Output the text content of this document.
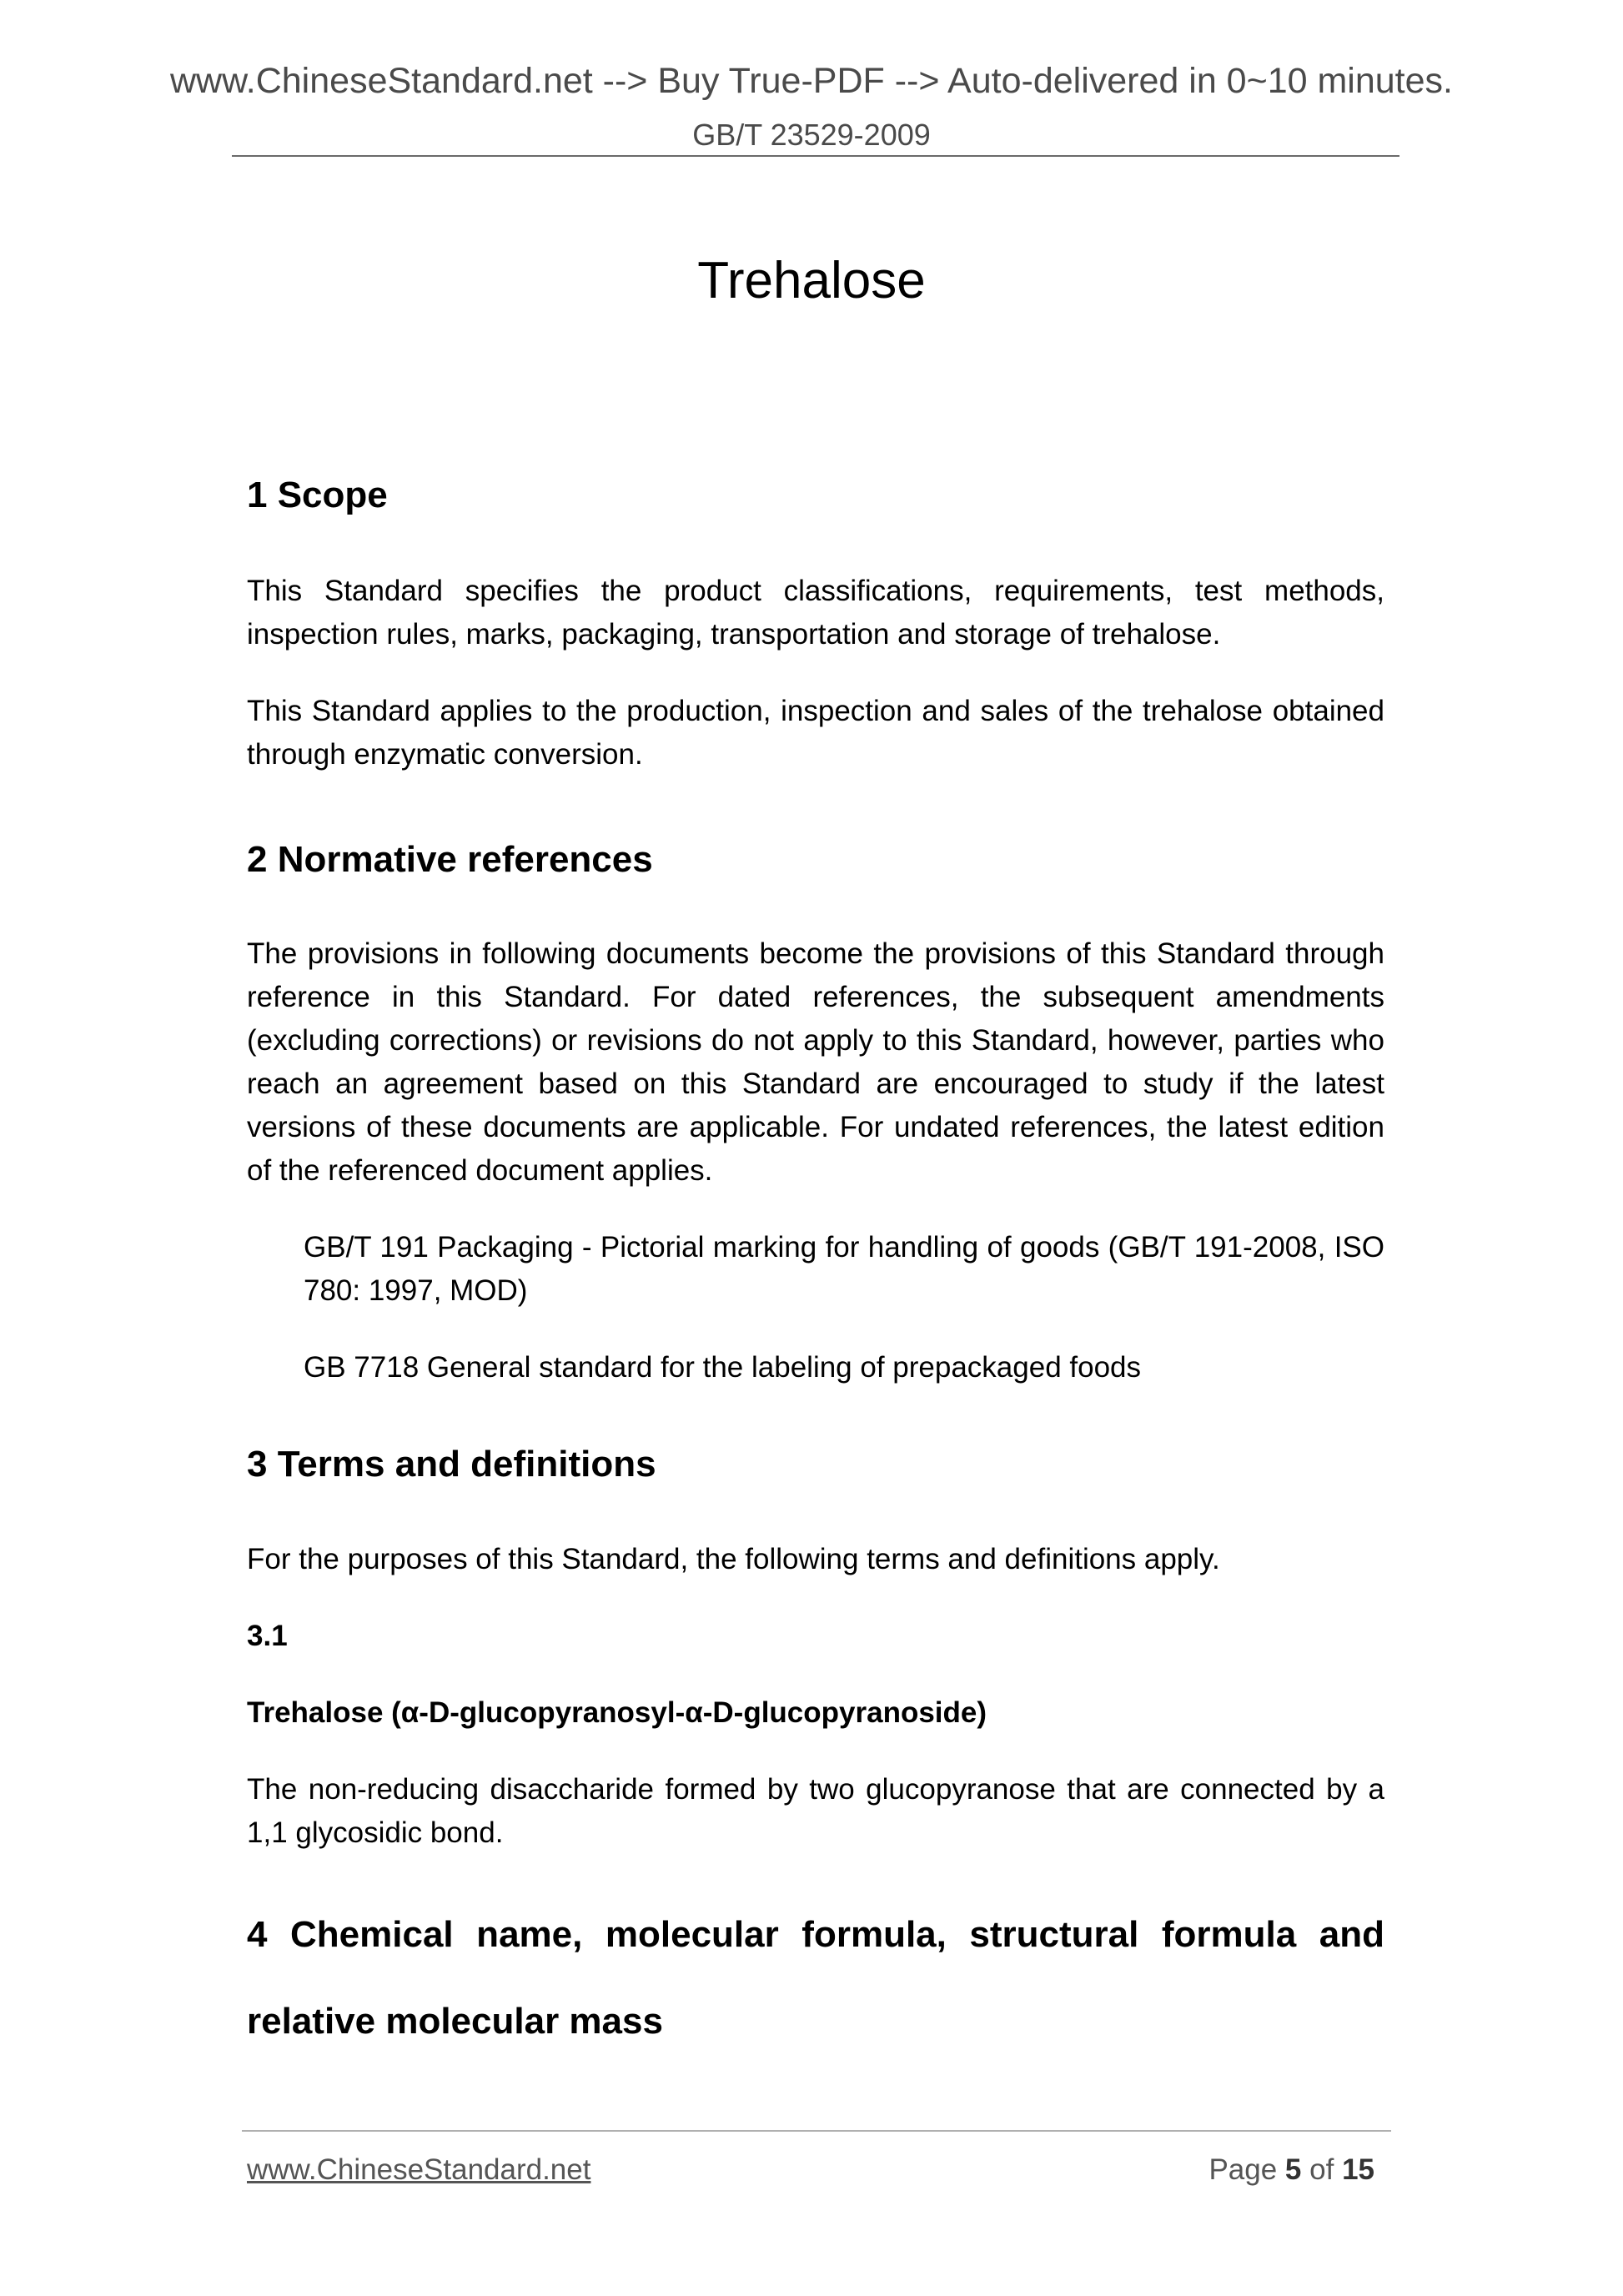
www.ChineseStandard.net --> Buy True-PDF --> Auto-delivered in 0~10 minutes.
GB/T 23529-2009
Trehalose
1 Scope

This Standard specifies the product classifications, requirements, test methods, inspection rules, marks, packaging, transportation and storage of trehalose.

This Standard applies to the production, inspection and sales of the trehalose obtained through enzymatic conversion.

2 Normative references

The provisions in following documents become the provisions of this Standard through reference in this Standard. For dated references, the subsequent amendments (excluding corrections) or revisions do not apply to this Standard, however, parties who reach an agreement based on this Standard are encouraged to study if the latest versions of these documents are applicable. For undated references, the latest edition of the referenced document applies.

GB/T 191 Packaging - Pictorial marking for handling of goods (GB/T 191-2008, ISO 780: 1997, MOD)

GB 7718 General standard for the labeling of prepackaged foods

3 Terms and definitions

For the purposes of this Standard, the following terms and definitions apply.

3.1

Trehalose (α-D-glucopyranosyl-α-D-glucopyranoside)

The non-reducing disaccharide formed by two glucopyranose that are connected by a 1,1 glycosidic bond.

4 Chemical name, molecular formula, structural formula and relative molecular mass

www.ChineseStandard.net	Page 5 of 15
